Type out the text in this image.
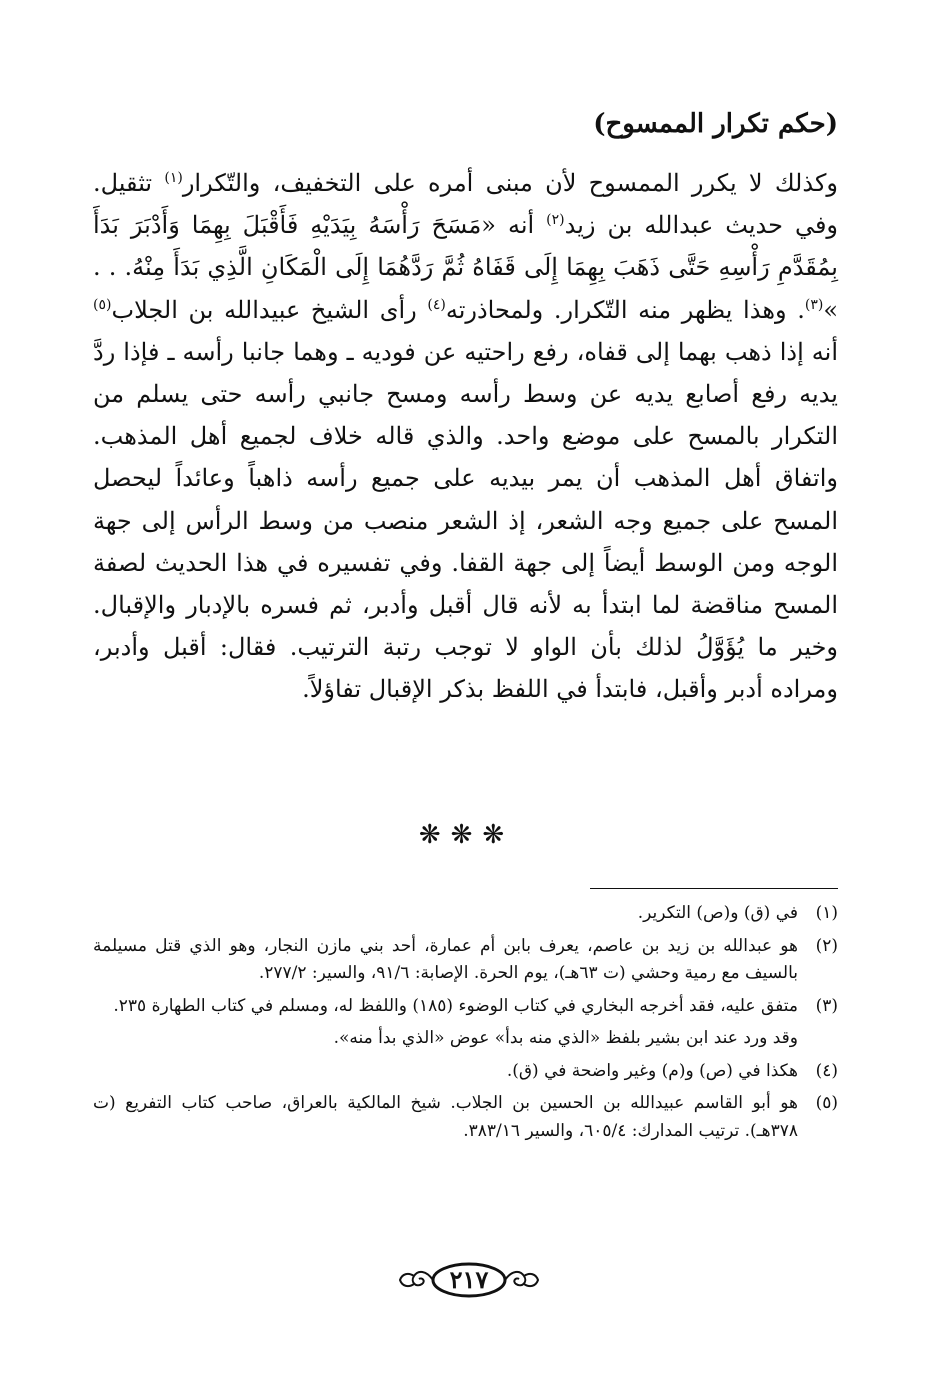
(حكم تكرار الممسوح)

وكذلك لا يكرر الممسوح لأن مبنى أمره على التخفيف، والتّكرار$^{(١)}$ تثقيل. وفي حديث عبدالله بن زيد$^{(٢)}$ أنه «مَسَحَ رَأْسَهُ بِيَدَيْهِ فَأَقْبَلَ بِهِمَا وَأَدْبَرَ بَدَأَ بِمُقَدَّمِ رَأْسِهِ حَتَّى ذَهَبَ بِهِمَا إِلَى قَفَاهُ ثُمَّ رَدَّهُمَا إِلَى الْمَكَانِ الَّذِي بَدَأَ مِنْهُ. . . »$^{(٣)}$. وهذا يظهر منه التّكرار. ولمحاذرته$^{(٤)}$ رأى الشيخ عبيدالله بن الجلاب$^{(٥)}$ أنه إذا ذهب بهما إلى قفاه، رفع راحتيه عن فوديه ـ وهما جانبا رأسه ـ فإذا ردَّ يديه رفع أصابع يديه عن وسط رأسه ومسح جانبي رأسه حتى يسلم من التكرار بالمسح على موضع واحد. والذي قاله خلاف لجميع أهل المذهب. واتفاق أهل المذهب أن يمر بيديه على جميع رأسه ذاهباً وعائداً ليحصل المسح على جميع وجه الشعر، إذ الشعر منصب من وسط الرأس إلى جهة الوجه ومن الوسط أيضاً إلى جهة القفا. وفي تفسيره في هذا الحديث لصفة المسح مناقضة لما ابتدأ به لأنه قال أقبل وأدبر، ثم فسره بالإدبار والإقبال. وخير ما يُؤَوَّلُ لذلك بأن الواو لا توجب رتبة الترتيب. فقال: أقبل وأدبر، ومراده أدبر وأقبل، فابتدأ في اللفظ بذكر الإقبال تفاؤلاً.

❋❋❋
(١)
في (ق) و(ص) التكرير.
(٢)
هو عبدالله بن زيد بن عاصم، يعرف بابن أم عمارة، أحد بني مازن النجار، وهو الذي قتل مسيلمة بالسيف مع رمية وحشي (ت ٦٣هـ)، يوم الحرة. الإصابة: ٩١/٦، والسير: ٢٧٧/٢.
(٣)
متفق عليه، فقد أخرجه البخاري في كتاب الوضوء (١٨٥) واللفظ له، ومسلم في كتاب الطهارة ٢٣٥.
وقد ورد عند ابن بشير بلفظ «الذي منه بدأ» عوض «الذي بدأ منه».
(٤)
هكذا في (ص) و(م) وغير واضحة في (ق).
(٥)
هو أبو القاسم عبيدالله بن الحسين بن الجلاب. شيخ المالكية بالعراق، صاحب كتاب التفريع (ت ٣٧٨هـ). ترتيب المدارك: ٦٠٥/٤، والسير ٣٨٣/١٦.
٢١٧
